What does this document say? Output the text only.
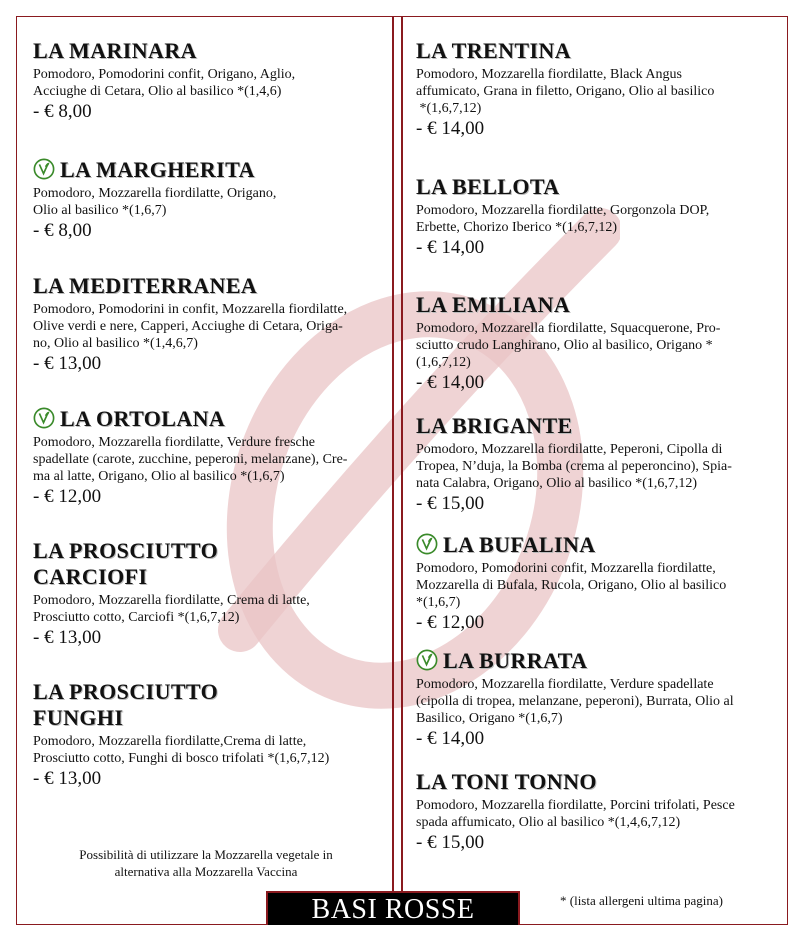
LA MARINARA
Pomodoro, Pomodorini confit, Origano, Aglio,
Acciughe di Cetara, Olio al basilico *(1,4,6)
- € 8,00
LA MARGHERITA
Pomodoro, Mozzarella fiordilatte, Origano,
Olio al basilico *(1,6,7)
- € 8,00
LA MEDITERRANEA
Pomodoro, Pomodorini in confit, Mozzarella fiordilatte,
Olive verdi e nere, Capperi, Acciughe di Cetara, Origa-
no, Olio al basilico *(1,4,6,7)
- € 13,00
LA ORTOLANA
Pomodoro, Mozzarella fiordilatte, Verdure fresche
spadellate (carote, zucchine, peperoni, melanzane), Cre-
ma al latte, Origano, Olio al basilico *(1,6,7)
- € 12,00
LA PROSCIUTTO
CARCIOFI
Pomodoro, Mozzarella fiordilatte, Crema di latte,
Prosciutto cotto, Carciofi *(1,6,7,12)
- € 13,00
LA PROSCIUTTO
FUNGHI
Pomodoro, Mozzarella fiordilatte,Crema di latte,
Prosciutto cotto, Funghi di bosco trifolati *(1,6,7,12)
- € 13,00
LA TRENTINA
Pomodoro, Mozzarella fiordilatte, Black Angus
affumicato, Grana in filetto, Origano, Olio al basilico
*(1,6,7,12)
- € 14,00
LA BELLOTA
Pomodoro, Mozzarella fiordilatte, Gorgonzola DOP,
Erbette, Chorizo Iberico *(1,6,7,12)
- € 14,00
LA EMILIANA
Pomodoro, Mozzarella fiordilatte, Squacquerone, Pro-
sciutto crudo Langhirano, Olio al basilico, Origano *
(1,6,7,12)
- € 14,00
LA BRIGANTE
Pomodoro, Mozzarella fiordilatte, Peperoni, Cipolla di
Tropea, N’duja, la Bomba (crema al peperoncino), Spia-
nata Calabra, Origano, Olio al basilico *(1,6,7,12)
- € 15,00
LA BUFALINA
Pomodoro, Pomodorini confit, Mozzarella fiordilatte,
Mozzarella di Bufala, Rucola, Origano, Olio al basilico
*(1,6,7)
- € 12,00
LA BURRATA
Pomodoro, Mozzarella fiordilatte, Verdure spadellate
(cipolla di tropea, melanzane, peperoni), Burrata, Olio al
Basilico, Origano *(1,6,7)
- € 14,00
LA TONI TONNO
Pomodoro, Mozzarella fiordilatte, Porcini trifolati, Pesce
spada affumicato, Olio al basilico *(1,4,6,7,12)
- € 15,00
Possibilità di utilizzare la Mozzarella vegetale in
alternativa alla Mozzarella Vaccina
BASI ROSSE	* (lista allergeni ultima pagina)
